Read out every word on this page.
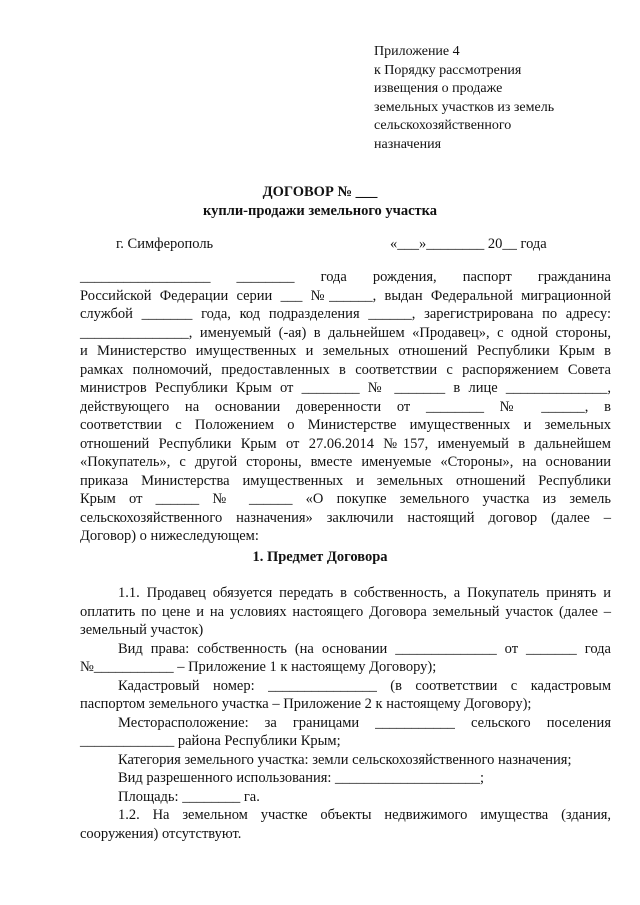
Приложение 4
к Порядку рассмотрения
извещения о продаже
земельных участков из земель
сельскохозяйственного
назначения
ДОГОВОР № ___
купли-продажи земельного участка
г. Симферополь	«___»________ 20__ года
__________________ ________ года рождения, паспорт гражданина
Российской Федерации серии ___ №______, выдан Федеральной миграционной
службой _______ года, код подразделения ______, зарегистрирована по адресу:
_______________, именуемый (-ая) в дальнейшем «Продавец», с одной стороны,
и Министерство имущественных и земельных отношений Республики Крым в
рамках полномочий, предоставленных в соответствии с распоряжением Совета
министров Республики Крым от ________ № _______ в лице ______________,
действующего на основании доверенности от ________ № ______, в
соответствии с Положением о Министерстве имущественных и земельных
отношений Республики Крым от 27.06.2014 №157, именуемый в дальнейшем
«Покупатель», с другой стороны, вместе именуемые «Стороны», на основании
приказа Министерства имущественных и земельных отношений Республики
Крым от ______ № ______ «О покупке земельного участка из земель
сельскохозяйственного назначения» заключили настоящий договор (далее –
Договор) о нижеследующем:
1. Предмет Договора
1.1. Продавец обязуется передать в собственность, а Покупатель принять и
оплатить по цене и на условиях настоящего Договора земельный участок (далее –
земельный участок)
Вид права: собственность (на основании ______________ от _______ года
№___________ – Приложение 1 к настоящему Договору);
Кадастровый номер: _______________ (в соответствии с кадастровым
паспортом земельного участка – Приложение 2 к настоящему Договору);
Месторасположение: за границами ___________ сельского поселения
_____________ района Республики Крым;
Категория земельного участка: земли сельскохозяйственного назначения;
Вид разрешенного использования: ____________________;
Площадь: ________ га.
1.2. На земельном участке объекты недвижимого имущества (здания,
сооружения) отсутствуют.
